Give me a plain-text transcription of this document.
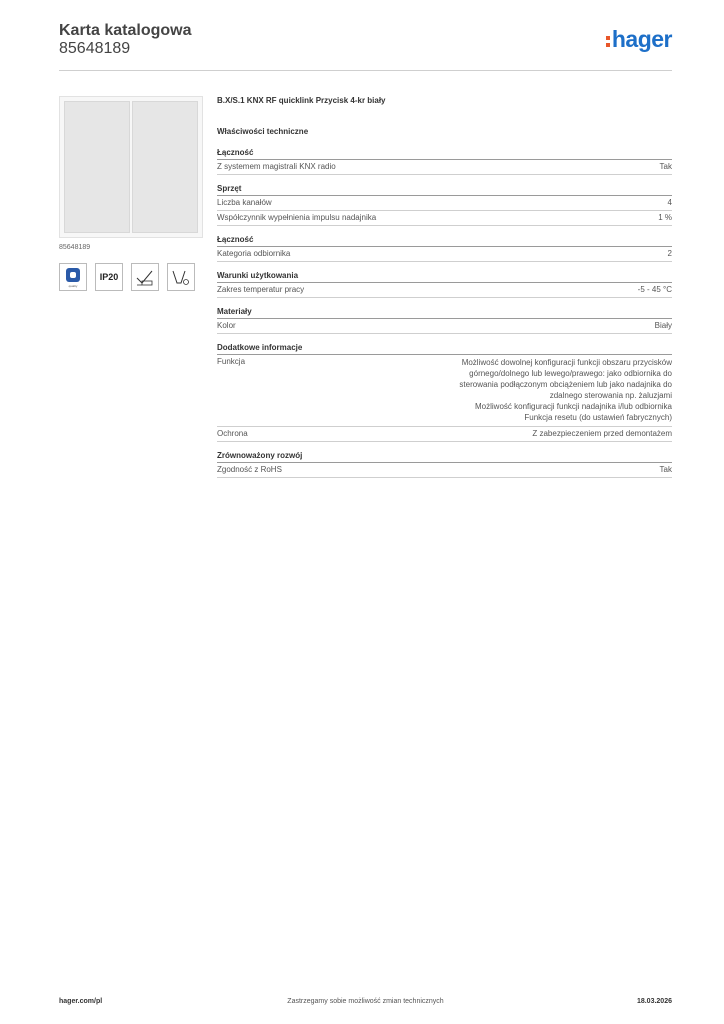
Karta katalogowa
85648189	hager
85648189
quality
IP20
B.X/S.1 KNX RF quicklink Przycisk 4-kr biały
Właściwości techniczne
Łączność
Z systemem magistrali KNX radio	Tak
Sprzęt
Liczba kanałów	4
Współczynnik wypełnienia impulsu nadajnika	1 %
Łączność
Kategoria odbiornika	2
Warunki użytkowania
Zakres temperatur pracy	-5 - 45 °C
Materiały
Kolor	Biały
Dodatkowe informacje
Funkcja	Możliwość dowolnej konfiguracji funkcji obszaru przycisków
górnego/dolnego lub lewego/prawego: jako odbiornika do
sterowania podłączonym obciążeniem lub jako nadajnika do
zdalnego sterowania np. żaluzjami
Możliwość konfiguracji funkcji nadajnika i/lub odbiornika
Funkcja resetu (do ustawień fabrycznych)
Ochrona	Z zabezpieczeniem przed demontażem
Zrównoważony rozwój
Zgodność z RoHS	Tak
hager.com/pl	Zastrzegamy sobie możliwość zmian technicznych	18.03.2026
